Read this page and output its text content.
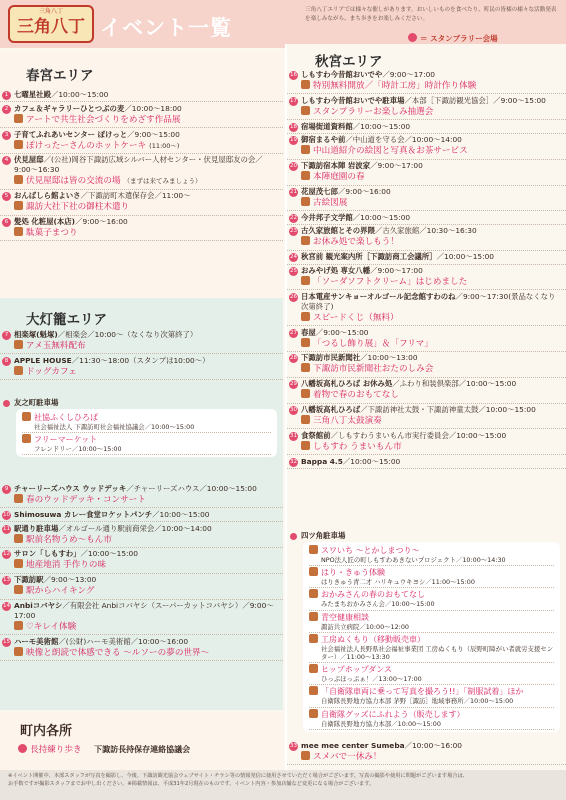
三角八丁
三角八丁 イベント一覧
三角八丁エリアでは様々な催しがあります。おいしいものを食べたり、町民の皆様の様々な活動発表を楽しみながら、まち歩きをお楽しみください。
＝ スタンプラリー会場
春宮エリア
1 七曜星社殿／10:00〜15:00
2 カフェ＆ギャラリーひとつぶの麦／10:00〜18:00
アートで共生社会づくりをめざす作品展
3 子育てふれあいセンター ぽけっと／9:00〜15:00
ぽけったーさんのホットケーキ (11:00〜)
4 伏見屋邸／(公社)岡谷下諏訪広域シルバー人材センター・伏見屋邸友の会／9:00〜16:30
伏見屋邸は皆の交流の場 （まずは来てみましょう）
5 おんばしら館よいさ／下諏訪町木遣保存会／11:00〜
諏訪大社下社の御柱木遣り
6 髪処 化粧屋(本店)／9:00〜16:00
駄菓子まつり
大灯籠エリア
7 相楽塚(魁塚)／相楽会／10:00〜（なくなり次第終了）
アメ玉無料配布
8 APPLE HOUSE／11:30〜18:00（スタンプは10:00〜）
ドッグカフェ
友之町駐車場
社協ふくしひろば
社会福祉法人 下諏訪町社会福祉協議会／10:00〜15:00
フリーマーケット
フレンドリー／10:00〜15:00
9 チャーリーズハウス ウッドデッキ／チャーリーズハウス／10:00〜15:00
春のウッドデッキ・コンサート
10 Shimosuwa カレー食堂ロケットパンチ／10:00〜15:00
11 駅通り駐車場／オルゴール通り駅前商栄会／10:00〜14:00
駅前名物うめ〜もん市
12 サロン「しもすわ」／10:00〜15:00
地産地消 手作りの味
13 下諏訪駅／9:00〜13:00
駅からハイキング
14 Anbiコバヤシ／有限会社 Anbiコバヤシ（スーパーカットコバヤシ）／9:00〜17:00
♡キレイ体験
15 ハーモ美術館／(公財)ハーモ美術館／10:00〜16:00
映像と朗読で体感できる 〜ルソーの夢の世界〜
町内各所
長持練り歩き 下諏訪長持保存連絡協議会
秋宮エリア
16 しもすわ今昔館おいでや／9:00〜17:00
特別無料開放／「時計工房」時計作り体験
17 しもすわ今昔館おいでや駐車場／本部［下諏訪観光協会］／9:00〜15:00
スタンプラリーお楽しみ抽選会
18 宿場街道資料館／10:00〜15:00
19 御宿まるや前／中山道を守る会／10:00〜14:00
中山道紹介の絵図と写真＆お茶サービス
20 下諏訪宿本陣 岩波家／9:00〜17:00
本陣庭園の春
21 花屋茂七郎／9:00〜16:00
古絵図展
22 今井邦子文学館／10:00〜15:00
23 古久家旅館とその界隈／古久家旅館／10:30〜16:30
お休み処で楽しもう！
24 秋宮前 観光案内所［下諏訪商工会議所］／10:00〜15:00
25 おみやげ処 専女八幡／9:00〜17:00
「ソーダソフトクリーム」はじめました
26 日本電産サンキョーオルゴール記念館すわのね／9:00〜17:30(景品なくなり次第終了)
スピードくじ（無料）
27 春屋／9:00〜15:00
「つるし飾り展」＆「フリマ」
28 下諏訪市民新聞社／10:00〜13:00
下諏訪市民新聞社おたのしみ会
29 八幡坂高札ひろば お休み処／ふわり和装倶楽部／10:00〜15:00
着物で春のおもてなし
30 八幡坂高札ひろば／下諏訪神社太鼓・下諏訪神童太鼓／10:00〜15:00
三角八丁太鼓演奏
31 食祭館前／しもすわうまいもん市実行委員会／10:00〜15:00
しもすわ うまいもん市
32 Bappa 4.5／10:00〜15:00
四ツ角駐車場
スワいち 〜とかしまつり〜
NPO法人匠の町しもすわあきないプロジェクト／10:00〜14:30
はり・きゅう体験
はりきゅう青二才 ハリキュウキヨシ／11:00〜15:00
おかみさんの春のおもてなし
みたまちおかみさん会／10:00〜15:00
青空健康相談
諏訪共立病院／10:00〜12:00
工房ぬくもり（移動販売車）
社会福祉法人長野県社会福祉事業団 工房ぬくもり（辰野町障がい者就労支援センター）／11:00〜13:30
ヒップホップダンス
ひっぷほっぷぁ！／13:00〜17:00
「自衛隊車両に乗って写真を撮ろう!!」「制服試着」ほか
自衛隊長野地方協力本部 茅野［諏訪］地域事務所／10:00〜15:00
自衛隊グッズにふれよう（販売します）
自衛隊長野地方協力本部／10:00〜15:00
33 mee mee center Sumeba／10:00〜16:00
スメバで一休み！
※イベント開催中、本部スタッフが写真を撮影し、今後、下諏訪観光協会ウェブサイト・チラシ等の情報発信に使用させていただく場合がございます。写真の撮影や使用に問題がございます場合は、
お手数ですが撮影スタッフまでお申し出ください。※掲載情報は、平成31年2月現在のものです。イベント内容・参加店舗など変更になる場合がございます。
